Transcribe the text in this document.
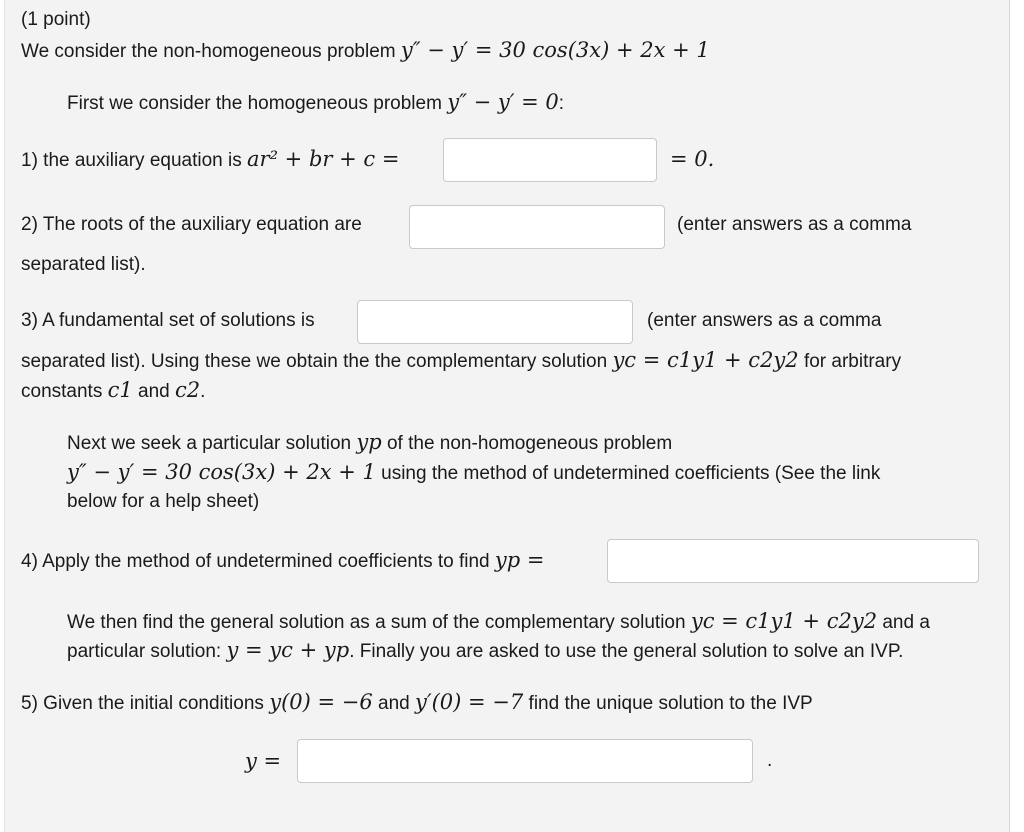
(1 point)
We consider the non-homogeneous problem y″ − y′ = 30 cos(3x) + 2x + 1
First we consider the homogeneous problem y″ − y′ = 0:
1) the auxiliary equation is ar² + br + c =	= 0.
2) The roots of the auxiliary equation are	(enter answers as a comma
separated list).
3) A fundamental set of solutions is	(enter answers as a comma
separated list). Using these we obtain the the complementary solution yc = c1y1 + c2y2 for arbitrary
constants c1 and c2.
Next we seek a particular solution yp of the non-homogeneous problem
y″ − y′ = 30 cos(3x) + 2x + 1 using the method of undetermined coefficients (See the link
below for a help sheet)
4) Apply the method of undetermined coefficients to find yp =
We then find the general solution as a sum of the complementary solution yc = c1y1 + c2y2 and a
particular solution: y = yc + yp. Finally you are asked to use the general solution to solve an IVP.
5) Given the initial conditions y(0) = −6 and y′(0) = −7 find the unique solution to the IVP
y =	.
